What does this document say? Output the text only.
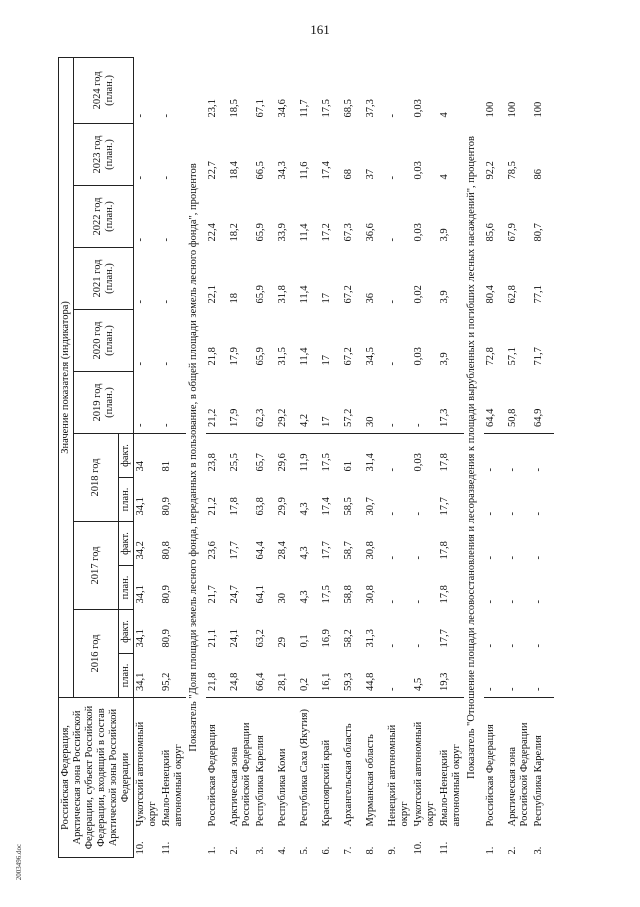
161
2003496.doc
Российская Федерация, Арктическая зона Российской Федерации, субъект Российской Федерации, входящий в состав Арктической зоны Российской Федерации		Значение показателя (индикатора)											
		2016 год		2017 год		2018 год		2019 год (план.)	2020 год (план.)	2021 год (план.)	2022 год (план.)	2023 год (план.)	2024 год (план.)
		план.	факт.	план.	факт.	план.	факт.						
10.	Чукотский автономный округ	34,1	34,1	34,1	34,2	34,1	34	-	-	-	-	-	-
11.	Ямало-Ненецкий автономный округ	95,2	80,9	80,9	80,8	80,9	81	-	-	-	-	-	-
Показатель "Доля площади земель лесного фонда, переданных в пользование, в общей площади земель лесного фонда", процентов													
1.	Российская Федерация	21,8	21,1	21,7	23,6	21,2	23,8	21,2	21,8	22,1	22,4	22,7	23,1
2.	Арктическая зона Российской Федерации	24,8	24,1	24,7	17,7	17,8	25,5	17,9	17,9	18	18,2	18,4	18,5
3.	Республика Карелия	66,4	63,2	64,1	64,4	63,8	65,7	62,3	65,9	65,9	65,9	66,5	67,1
4.	Республика Коми	28,1	29	30	28,4	29,9	29,6	29,2	31,5	31,8	33,9	34,3	34,6
5.	Республика Саха (Якутия)	0,2	0,1	4,3	4,3	4,3	11,9	4,2	11,4	11,4	11,4	11,6	11,7
6.	Красноярский край	16,1	16,9	17,5	17,7	17,4	17,5	17	17	17	17,2	17,4	17,5
7.	Архангельская область	59,3	58,2	58,8	58,7	58,5	61	57,2	67,2	67,2	67,3	68	68,5
8.	Мурманская область	44,8	31,3	30,8	30,8	30,7	31,4	30	34,5	36	36,6	37	37,3
9.	Ненецкий автономный округ	-	-	-	-	-	-	-	-	-	-	-	-
10.	Чукотский автономный округ	4,5	-	-	-	-	0,03	-	0,03	0,02	0,03	0,03	0,03
11.	Ямало-Ненецкий автономный округ	19,3	17,7	17,8	17,8	17,7	17,8	17,3	3,9	3,9	3,9	4	4
Показатель "Отношение площади лесовосстановления и лесоразведения к площади вырубленных и погибших лесных насаждений", процентов													
1.	Российская Федерация	-	-	-	-	-	-	64,4	72,8	80,4	85,6	92,2	100
2.	Арктическая зона Российской Федерации	-	-	-	-	-	-	50,8	57,1	62,8	67,9	78,5	100
3.	Республика Карелия	-	-	-	-	-	-	64,9	71,7	77,1	80,7	86	100
